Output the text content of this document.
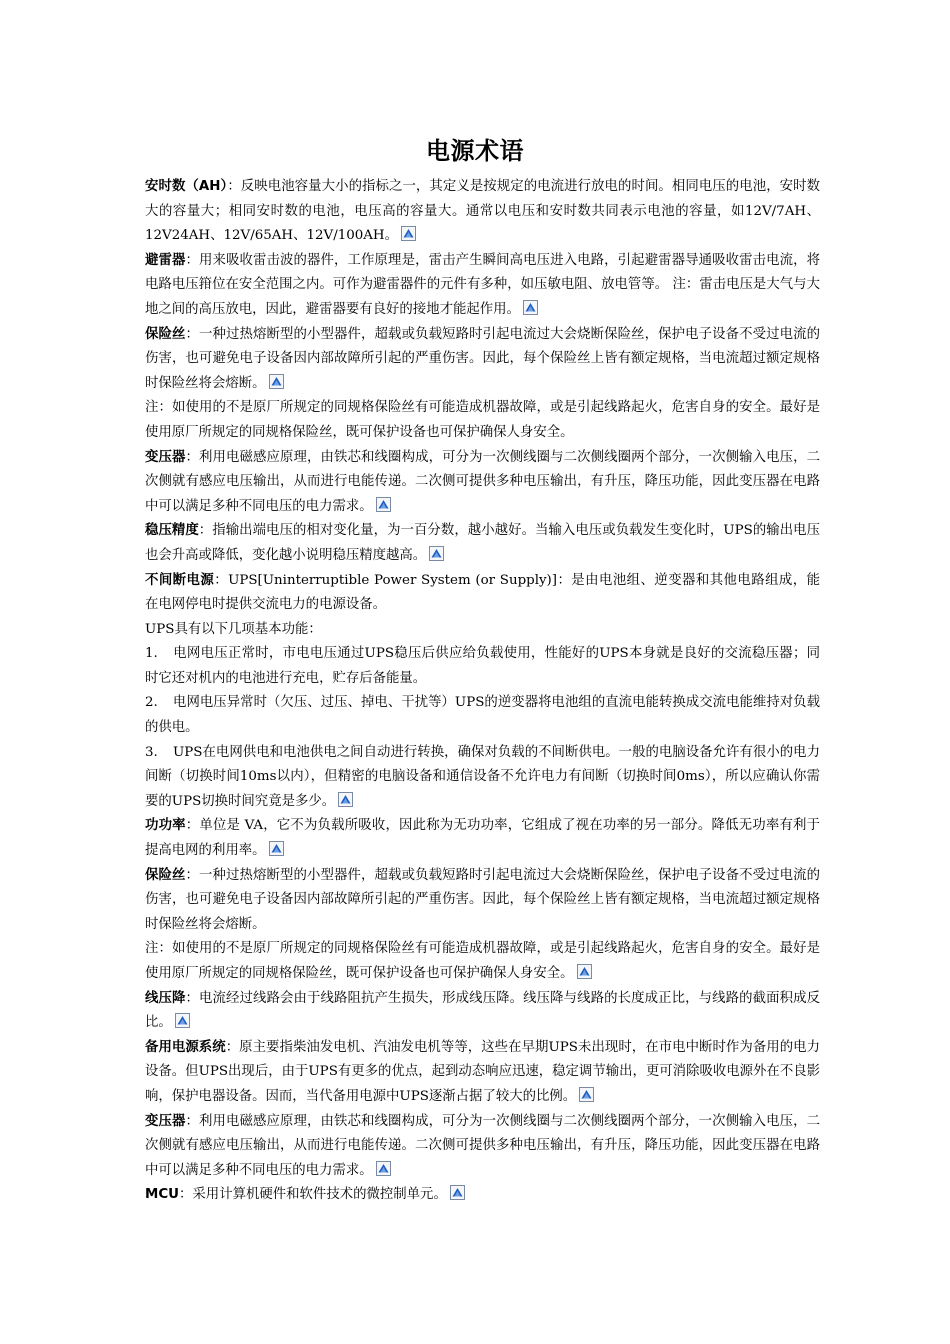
电源术语

安时数（AH）：反映电池容量大小的指标之一，其定义是按规定的电流进行放电的时间。相同电压的电池，安时数大的容量大；相同安时数的电池，电压高的容量大。通常以电压和安时数共同表示电池的容量，如12V/7AH、12V24AH、12V/65AH、12V/100AH。

避雷器：用来吸收雷击波的器件，工作原理是，雷击产生瞬间高电压进入电路，引起避雷器导通吸收雷击电流，将电路电压箝位在安全范围之内。可作为避雷器件的元件有多种，如压敏电阻、放电管等。 注：雷击电压是大气与大地之间的高压放电，因此，避雷器要有良好的接地才能起作用。

保险丝：一种过热熔断型的小型器件，超载或负载短路时引起电流过大会烧断保险丝，保护电子设备不受过电流的伤害，也可避免电子设备因内部故障所引起的严重伤害。因此，每个保险丝上皆有额定规格，当电流超过额定规格时保险丝将会熔断。

注：如使用的不是原厂所规定的同规格保险丝有可能造成机器故障，或是引起线路起火，危害自身的安全。最好是使用原厂所规定的同规格保险丝，既可保护设备也可保护确保人身安全。

变压器：利用电磁感应原理，由铁芯和线圈构成，可分为一次侧线圈与二次侧线圈两个部分，一次侧输入电压，二次侧就有感应电压输出，从而进行电能传递。二次侧可提供多种电压输出，有升压，降压功能，因此变压器在电路中可以满足多种不同电压的电力需求。

稳压精度：指输出端电压的相对变化量，为一百分数，越小越好。当输入电压或负载发生变化时，UPS的输出电压也会升高或降低，变化越小说明稳压精度越高。

不间断电源：UPS[Uninterruptible Power System (or Supply)]：是由电池组、逆变器和其他电路组成，能在电网停电时提供交流电力的电源设备。

UPS具有以下几项基本功能：

1. 电网电压正常时，市电电压通过UPS稳压后供应给负载使用，性能好的UPS本身就是良好的交流稳压器；同时它还对机内的电池进行充电，贮存后备能量。

2. 电网电压异常时（欠压、过压、掉电、干扰等）UPS的逆变器将电池组的直流电能转换成交流电能维持对负载的供电。

3. UPS在电网供电和电池供电之间自动进行转换，确保对负载的不间断供电。一般的电脑设备允许有很小的电力间断（切换时间10ms以内），但精密的电脑设备和通信设备不允许电力有间断（切换时间0ms），所以应确认你需要的UPS切换时间究竟是多少。

功功率：单位是 VA，它不为负载所吸收，因此称为无功功率，它组成了视在功率的另一部分。降低无功率有利于提高电网的利用率。

保险丝：一种过热熔断型的小型器件，超载或负载短路时引起电流过大会烧断保险丝，保护电子设备不受过电流的伤害，也可避免电子设备因内部故障所引起的严重伤害。因此，每个保险丝上皆有额定规格，当电流超过额定规格时保险丝将会熔断。

注：如使用的不是原厂所规定的同规格保险丝有可能造成机器故障，或是引起线路起火，危害自身的安全。最好是使用原厂所规定的同规格保险丝，既可保护设备也可保护确保人身安全。

线压降：电流经过线路会由于线路阻抗产生损失，形成线压降。线压降与线路的长度成正比，与线路的截面积成反比。

备用电源系统：原主要指柴油发电机、汽油发电机等等，这些在早期UPS未出现时，在市电中断时作为备用的电力设备。但UPS出现后，由于UPS有更多的优点，起到动态响应迅速，稳定调节输出，更可消除吸收电源外在不良影响，保护电器设备。因而，当代备用电源中UPS逐渐占据了较大的比例。

变压器：利用电磁感应原理，由铁芯和线圈构成，可分为一次侧线圈与二次侧线圈两个部分，一次侧输入电压，二次侧就有感应电压输出，从而进行电能传递。二次侧可提供多种电压输出，有升压，降压功能，因此变压器在电路中可以满足多种不同电压的电力需求。

MCU：采用计算机硬件和软件技术的微控制单元。
